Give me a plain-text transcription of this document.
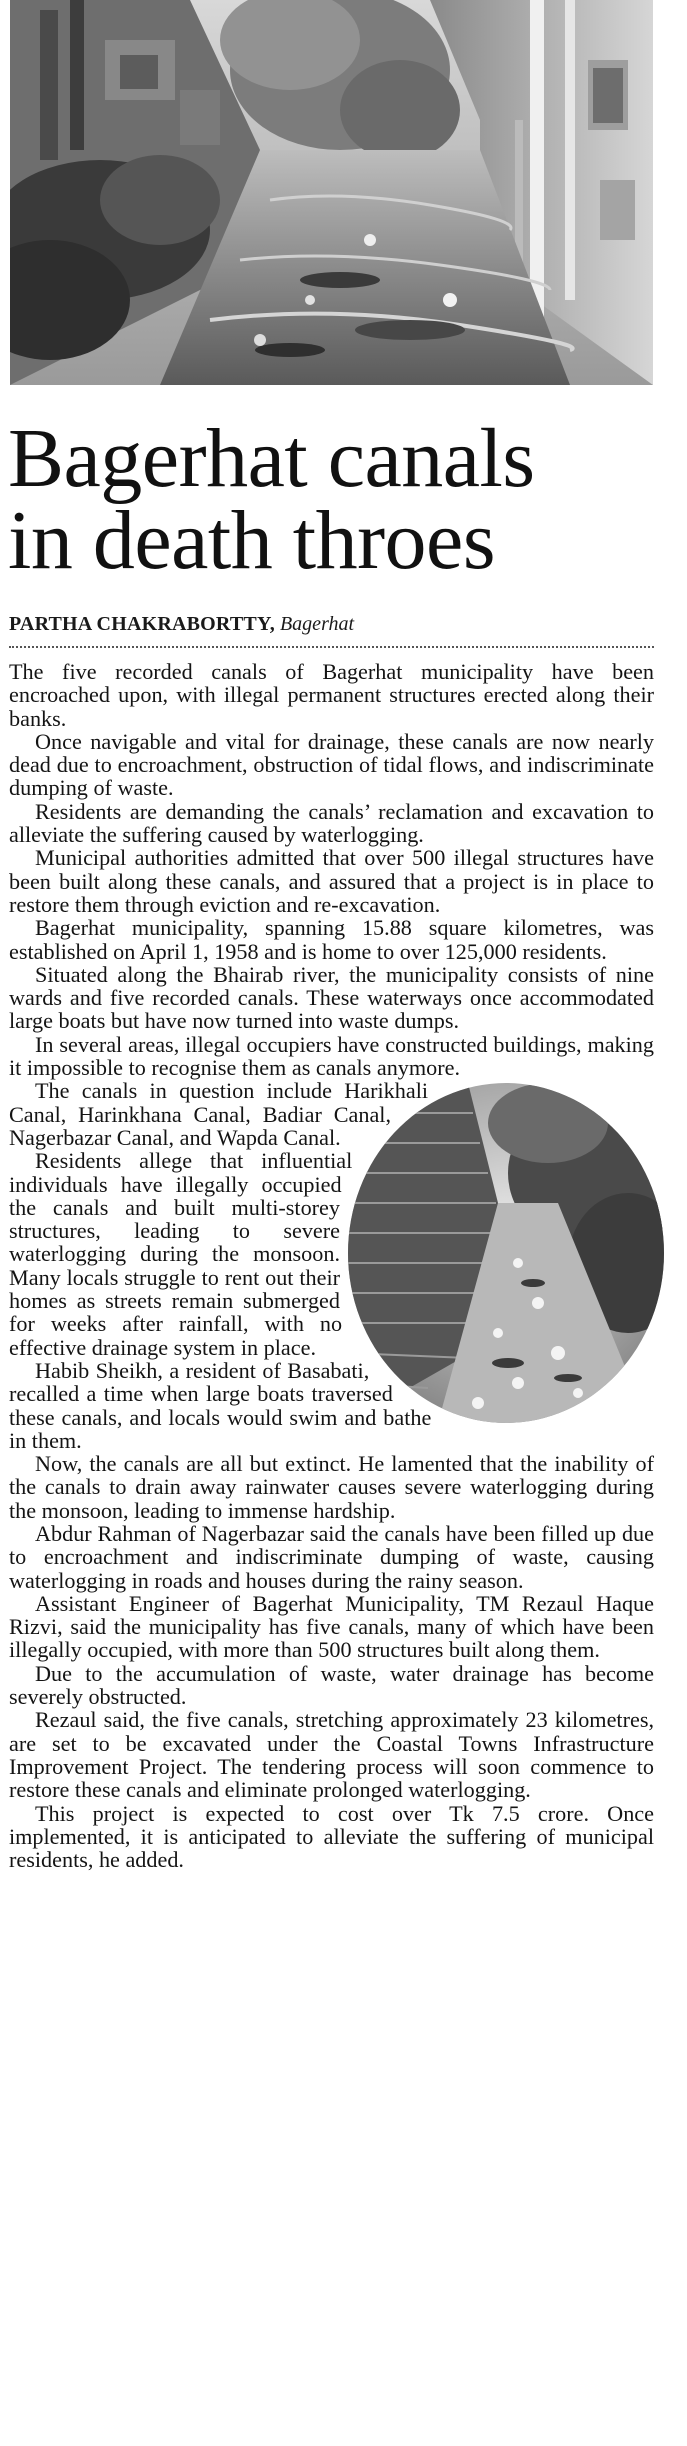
Bagerhat canals
in death throes
PARTHA CHAKRABORTTY, Bagerhat

The five recorded canals of Bagerhat municipality have been encroached upon, with illegal permanent structures erected along their banks.

Once navigable and vital for drainage, these canals are now nearly dead due to encroachment, obstruction of tidal flows, and indiscriminate dumping of waste.

Residents are demanding the canals’ reclamation and excavation to alleviate the suffering caused by waterlogging.

Municipal authorities admitted that over 500 illegal structures have been built along these canals, and assured that a project is in place to restore them through eviction and re-excavation.

Bagerhat municipality, spanning 15.88 square kilometres, was established on April 1, 1958 and is home to over 125,000 residents.

Situated along the Bhairab river, the municipality consists of nine wards and five recorded canals. These waterways once accommodated large boats but have now turned into waste dumps.

In several areas, illegal occupiers have constructed buildings, making it impossible to recognise them as canals anymore.

The canals in question include Harikhali Canal, Harinkhana Canal, Badiar Canal, Nagerbazar Canal, and Wapda Canal.

Residents allege that influential individuals have illegally occupied the canals and built multi-storey structures, leading to severe waterlogging during the monsoon. Many locals struggle to rent out their homes as streets remain submerged for weeks after rainfall, with no effective drainage system in place.

Habib Sheikh, a resident of Basabati, recalled a time when large boats traversed these canals, and locals would swim and bathe in them.

Now, the canals are all but extinct. He lamented that the inability of the canals to drain away rainwater causes severe waterlogging during the monsoon, leading to immense hardship.

Abdur Rahman of Nagerbazar said the canals have been filled up due to encroachment and indiscriminate dumping of waste, causing waterlogging in roads and houses during the rainy season.

Assistant Engineer of Bagerhat Municipality, TM Rezaul Haque Rizvi, said the municipality has five canals, many of which have been illegally occupied, with more than 500 structures built along them.

Due to the accumulation of waste, water drainage has become severely obstructed.

Rezaul said, the five canals, stretching approximately 23 kilometres, are set to be excavated under the Coastal Towns Infrastructure Improvement Project. The tendering process will soon commence to restore these canals and eliminate prolonged waterlogging.

This project is expected to cost over Tk 7.5 crore. Once implemented, it is anticipated to alleviate the suffering of municipal residents, he added.
